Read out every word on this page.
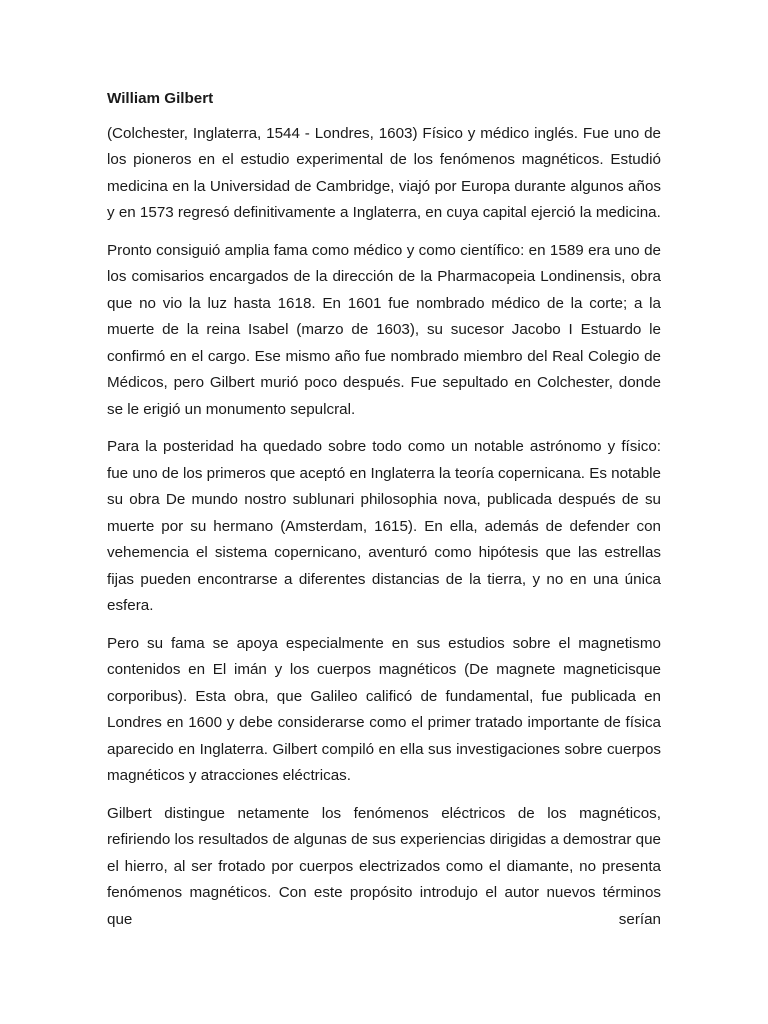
William Gilbert

(Colchester, Inglaterra, 1544 - Londres, 1603) Físico y médico inglés. Fue uno de los pioneros en el estudio experimental de los fenómenos magnéticos. Estudió medicina en la Universidad de Cambridge, viajó por Europa durante algunos años y en 1573 regresó definitivamente a Inglaterra, en cuya capital ejerció la medicina.

Pronto consiguió amplia fama como médico y como científico: en 1589 era uno de los comisarios encargados de la dirección de la Pharmacopeia Londinensis, obra que no vio la luz hasta 1618. En 1601 fue nombrado médico de la corte; a la muerte de la reina Isabel (marzo de 1603), su sucesor Jacobo I Estuardo le confirmó en el cargo. Ese mismo año fue nombrado miembro del Real Colegio de Médicos, pero Gilbert murió poco después. Fue sepultado en Colchester, donde se le erigió un monumento sepulcral.

Para la posteridad ha quedado sobre todo como un notable astrónomo y físico: fue uno de los primeros que aceptó en Inglaterra la teoría copernicana. Es notable su obra De mundo nostro sublunari philosophia nova, publicada después de su muerte por su hermano (Amsterdam, 1615). En ella, además de defender con vehemencia el sistema copernicano, aventuró como hipótesis que las estrellas fijas pueden encontrarse a diferentes distancias de la tierra, y no en una única esfera.

Pero su fama se apoya especialmente en sus estudios sobre el magnetismo contenidos en El imán y los cuerpos magnéticos (De magnete magneticisque corporibus). Esta obra, que Galileo calificó de fundamental, fue publicada en Londres en 1600 y debe considerarse como el primer tratado importante de física aparecido en Inglaterra. Gilbert compiló en ella sus investigaciones sobre cuerpos magnéticos y atracciones eléctricas.

Gilbert distingue netamente los fenómenos eléctricos de los magnéticos, refiriendo los resultados de algunas de sus experiencias dirigidas a demostrar que el hierro, al ser frotado por cuerpos electrizados como el diamante, no presenta fenómenos magnéticos. Con este propósito introdujo el autor nuevos términos que serían
